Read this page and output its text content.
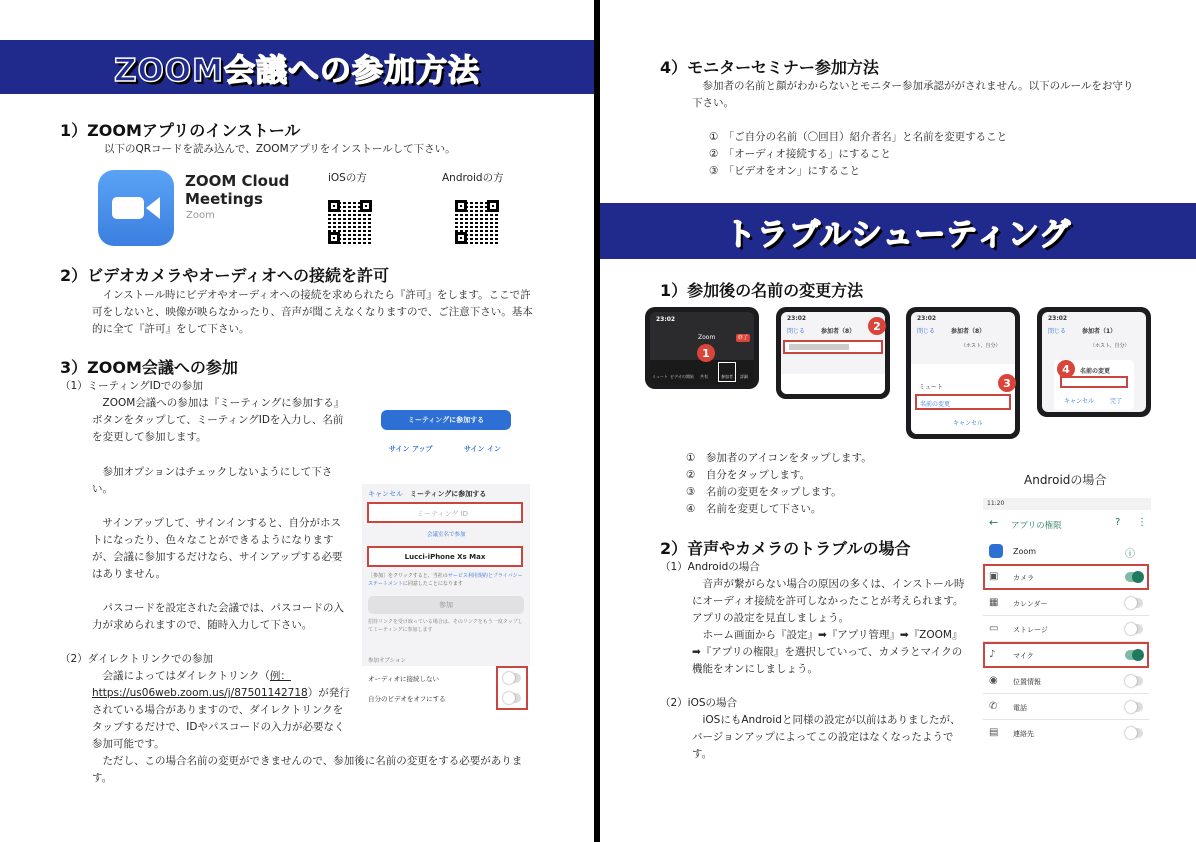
ZOOM会議への参加方法
1）ZOOMアプリのインストール
以下のQRコードを読み込んで、ZOOMアプリをインストールして下さい。
ZOOM Cloud
Meetings
Zoom
iOSの方	Androidの方
2）ビデオカメラやオーディオへの接続を許可
　インストール時にビデオやオーディオへの接続を求められたら『許可』をします。ここで許可をしないと、映像が映らなかったり、音声が聞こえなくなりますので、ご注意下さい。基本的に全て『許可』をして下さい。
3）ZOOM会議への参加
（1）ミーティングIDでの参加
　ZOOM会議への参加は『ミーティングに参加する』ボタンをタップして、ミーティングIDを入力し、名前を変更して参加します。
　参加オプションはチェックしないようにして下さい。
　サインアップして、サインインすると、自分がホストになったり、色々なことができるようになりますが、会議に参加するだけなら、サインアップする必要はありません。
　パスコードを設定された会議では、パスコードの入力が求められますので、随時入力して下さい。
（2）ダイレクトリンクでの参加
　会議によってはダイレクトリンク（例：https://us06web.zoom.us/j/87501142718）が発行されている場合がありますので、ダイレクトリンクをタップするだけで、IDやパスコードの入力が必要なく参加可能です。
　ただし、この場合名前の変更ができませんので、参加後に名前の変更をする必要があります。
ミーティングに参加する
サイン アップ	サイン イン
キャンセル ミーティングに参加する
ミーティング ID
会議室名で参加
Lucci-iPhone Xs Max
［参加］をクリックすると、当社のサービス利用規約とプライバシーステートメントに同意したことになります
参加
招待リンクを受け取っている場合は、そのリンクをもう一度タップしてミーティングに参加します
参加オプション
オーディオに接続しない
自分のビデオをオフにする
4）モニターセミナー参加方法
　参加者の名前と顔がわからないとモニター参加承認ががされません。以下のルールをお守り下さい。
①　「ご自分の名前（〇回目）紹介者名」と名前を変更すること
②　「オーディオ接続する」にすること
③　「ビデオをオン」にすること
トラブルシューティング
1）参加後の名前の変更方法
23:02
Zoom	終了
ミュート ビデオの開始 共有	参加者 詳細
1
23:02
閉じる	参加者（8）	2
23:02
閉じる	参加者（8）
（ホスト、自分）
ミュート
名前の変更
キャンセル
3
23:02
閉じる	参加者（1）
（ホスト、自分）
名前の変更
キャンセル	完了
4
①　参加者のアイコンをタップします。
②　自分をタップします。
③　名前の変更をタップします。
④　名前を変更して下さい。
2）音声やカメラのトラブルの場合
（1）Androidの場合
　音声が繋がらない場合の原因の多くは、インストール時にオーディオ接続を許可しなかったことが考えられます。アプリの設定を見直しましょう。
　ホーム画面から『設定』➡『アプリ管理』➡『ZOOM』➡『アプリの権限』を選択していって、カメラとマイクの機能をオンにしましょう。
（2）iOSの場合
　iOSにもAndroidと同様の設定が以前はありましたが、バージョンアップによってこの設定はなくなったようです。
Androidの場合
11:20
← アプリの権限	? ⋮
Zoom	ⓘ
▣ カメラ
▦ カレンダー
▭ ストレージ
♪	マイク
◉ 位置情報
✆ 電話
▤ 連絡先
